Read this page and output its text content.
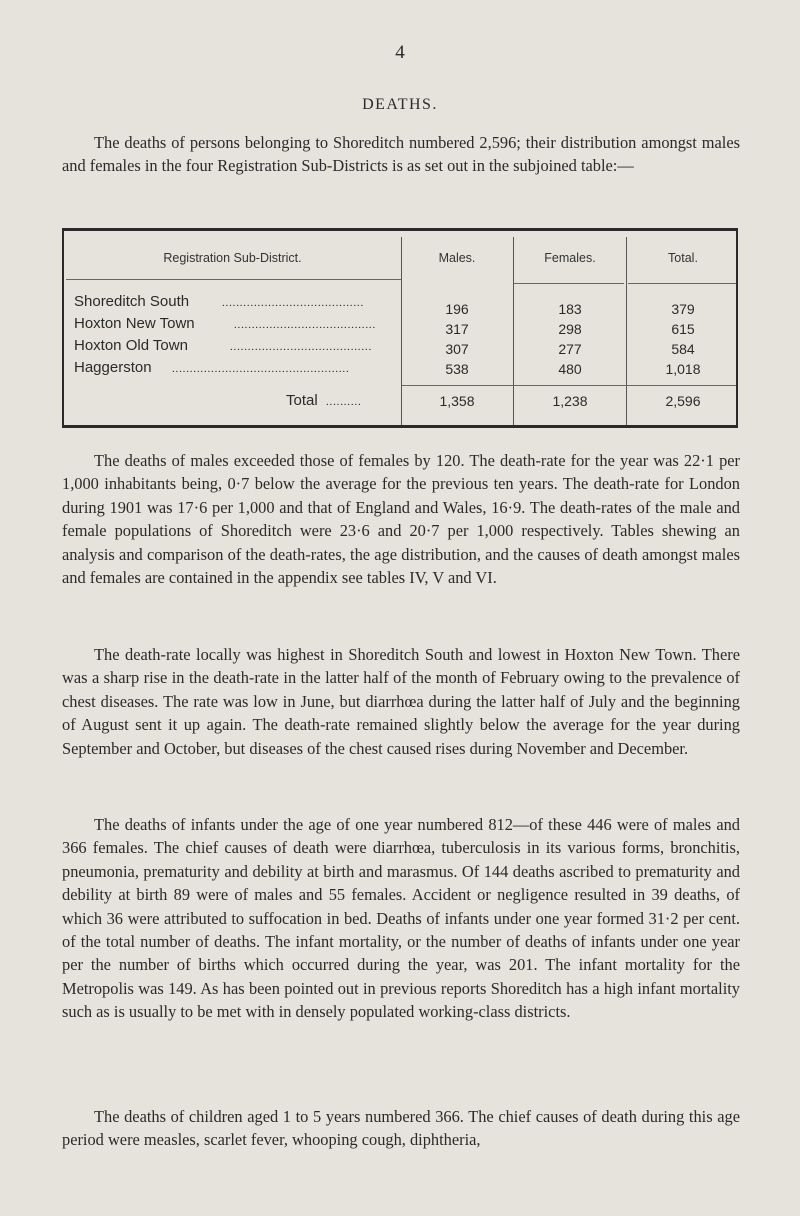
4
DEATHS.

The deaths of persons belonging to Shoreditch numbered 2,596; their distribution amongst males and females in the four Registration Sub-Districts is as set out in the subjoined table:—

Registration Sub-District.	Males.	Females.	Total.
Shoreditch South	........................................	196	183	379
Hoxton New Town	........................................	317	298	615
Hoxton Old Town	........................................	307	277	584
Haggerston ..................................................	538	480	1,018
Total ..........	1,358	1,238	2,596

The deaths of males exceeded those of females by 120. The death-rate for the year was 22·1 per 1,000 inhabitants being, 0·7 below the average for the previous ten years. The death-rate for London during 1901 was 17·6 per 1,000 and that of England and Wales, 16·9. The death-rates of the male and female populations of Shoreditch were 23·6 and 20·7 per 1,000 respectively. Tables shewing an analysis and comparison of the death-rates, the age distribution, and the causes of death amongst males and females are contained in the appendix see tables IV, V and VI.

The death-rate locally was highest in Shoreditch South and lowest in Hoxton New Town. There was a sharp rise in the death-rate in the latter half of the month of February owing to the prevalence of chest diseases. The rate was low in June, but diarrhœa during the latter half of July and the beginning of August sent it up again. The death-rate remained slightly below the average for the year during September and October, but diseases of the chest caused rises during November and December.

The deaths of infants under the age of one year numbered 812—of these 446 were of males and 366 females. The chief causes of death were diarrhœa, tuberculosis in its various forms, bronchitis, pneumonia, prematurity and debility at birth and marasmus. Of 144 deaths ascribed to prematurity and debility at birth 89 were of males and 55 females. Accident or negligence resulted in 39 deaths, of which 36 were attributed to suffocation in bed. Deaths of infants under one year formed 31·2 per cent. of the total number of deaths. The infant mortality, or the number of deaths of infants under one year per the number of births which occurred during the year, was 201. The infant mortality for the Metropolis was 149. As has been pointed out in previous reports Shoreditch has a high infant mortality such as is usually to be met with in densely populated working-class districts.

The deaths of children aged 1 to 5 years numbered 366. The chief causes of death during this age period were measles, scarlet fever, whooping cough, diphtheria,
